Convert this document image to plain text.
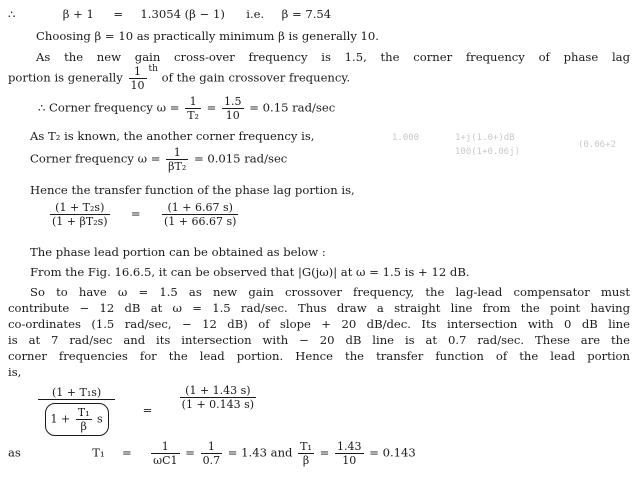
1.000
100(1+0.06j)
1+j(1.0+)dB
(0.06+2
∴	β + 1 = 1.3054 (β − 1) i.e. β = 7.54
Choosing β = 10 as practically minimum β is generally 10.
As the new gain cross-over frequency is 1.5, the corner frequency of phase lag
portion is generally $\frac{1}{10} ^{th}$ of the gain crossover frequency.
∴ Corner frequency $\omega = \frac{1}{\text{T₂}} = \frac{1.5}{10} = 0.15$ rad/sec
As T₂ is known, the another corner frequency is,
Corner frequency $\omega = \frac{1}{\text{βT₂}} = 0.015$ rad/sec
Hence the transfer function of the phase lag portion is,
$\frac{\text{(1 + T₂s)}}{\text{(1 + βT₂s)}} = \frac{(1 + 6.67 s)}{(1 + 66.67 s)}$
The phase lead portion can be obtained as below :
From the Fig. 16.6.5, it can be observed that |G(jω)| at ω = 1.5 is + 12 dB.
So to have ω = 1.5 as new gain crossover frequency, the lag-lead compensator must
contribute − 12 dB at ω = 1.5 rad/sec. Thus draw a straight line from the point having
co-ordinates (1.5 rad/sec, − 12 dB) of slope + 20 dB/dec. Its intersection with 0 dB line
is at 7 rad/sec and its intersection with − 20 dB line is at 0.7 rad/sec. These are the
corner frequencies for the lead portion. Hence the transfer function of the lead portion
is,
$\frac{\text{(1 + T₁s)}}{1 + \frac{\text{T₁}}{\beta} s} = \frac{(1 + 1.43 s)}{(1 + 0.143 s)}$
as	$T_1 = \frac{1}{\omega C1} = \frac{1}{0.7} = 1.43$ and $\frac{\text{T₁}}{\beta} = \frac{1.43}{10} = 0.143$
